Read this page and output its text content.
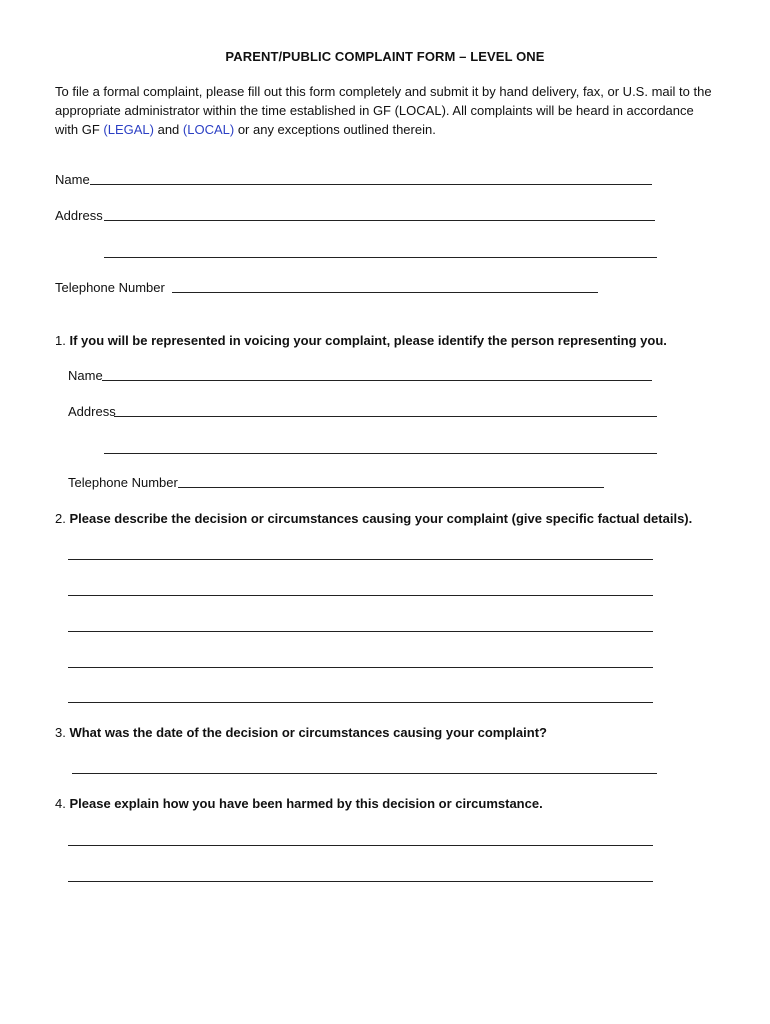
PARENT/PUBLIC COMPLAINT FORM – LEVEL ONE
To file a formal complaint, please fill out this form completely and submit it by hand delivery, fax, or U.S. mail to the appropriate administrator within the time established in GF (LOCAL). All complaints will be heard in accordance with GF (LEGAL) and (LOCAL) or any exceptions outlined therein.
Name
Address
Telephone Number
1. If you will be represented in voicing your complaint, please identify the person representing you.
Name
Address
Telephone Number
2. Please describe the decision or circumstances causing your complaint (give specific factual details).
3. What was the date of the decision or circumstances causing your complaint?
4. Please explain how you have been harmed by this decision or circumstance.
